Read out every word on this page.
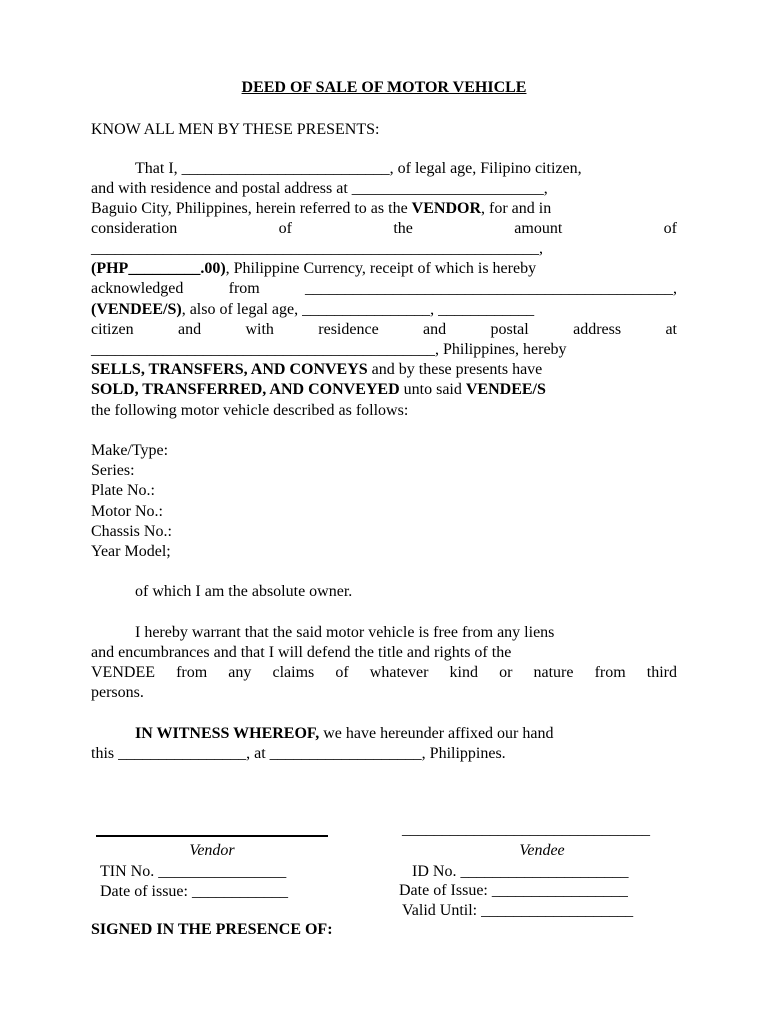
DEED OF SALE OF MOTOR VEHICLE
KNOW ALL MEN BY THESE PRESENTS:
That I, __________________________, of legal age, Filipino citizen,
and with residence and postal address at ________________________,
Baguio City, Philippines, herein referred to as the VENDOR, for and in
consideration of the amount of
________________________________________________________,
(PHP_________.00), Philippine Currency, receipt of which is hereby
acknowledged from ______________________________________________,
(VENDEE/S), also of legal age, ________________, ____________
citizen and with residence and postal address at
___________________________________________, Philippines, hereby
SELLS, TRANSFERS, AND CONVEYS and by these presents have
SOLD, TRANSFERRED, AND CONVEYED unto said VENDEE/S
the following motor vehicle described as follows:
Make/Type:
Series:
Plate No.:
Motor No.:
Chassis No.:
Year Model;
of which I am the absolute owner.
I hereby warrant that the said motor vehicle is free from any liens
and encumbrances and that I will defend the title and rights of the
VENDEE from any claims of whatever kind or nature from third
persons.
IN WITNESS WHEREOF, we have hereunder affixed our hand
this ________________, at ___________________, Philippines.
Vendor
TIN No. ________________
Date of issue: ____________
_______________________________
Vendee
ID No. _____________________
Date of Issue: _________________
Valid Until: ___________________
SIGNED IN THE PRESENCE OF:
